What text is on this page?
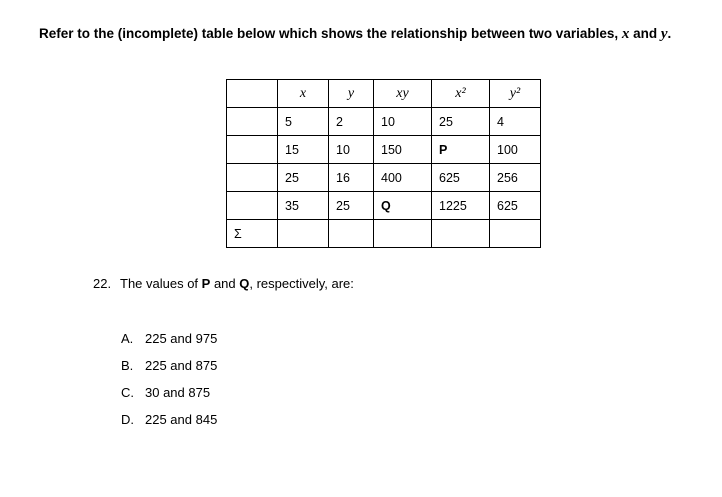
Refer to the (incomplete) table below which shows the relationship between two variables, x and y.
	x	y	xy	x²	y²
	5	2	10	25	4
	15	10	150	P	100
	25	16	400	625	256
	35	25	Q	1225	625
Σ					
22. The values of P and Q, respectively, are:
A. 225 and 975
B. 225 and 875
C. 30 and 875
D. 225 and 845
